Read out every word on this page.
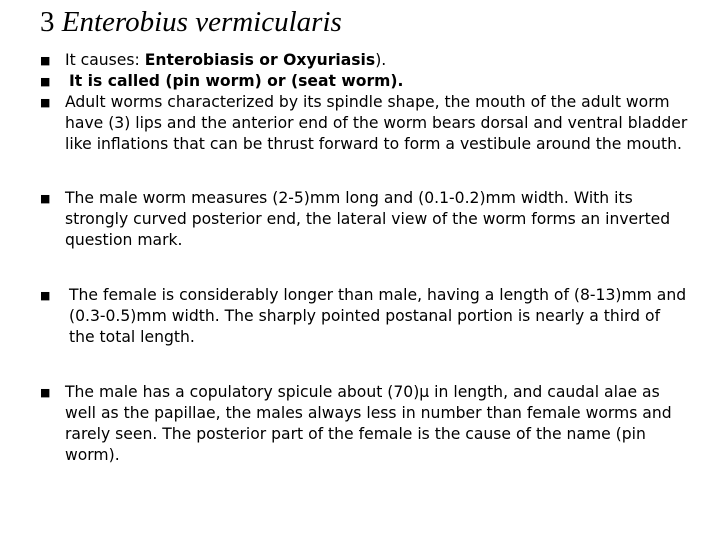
3 Enterobius vermicularis
■ It causes: Enterobiasis or Oxyuriasis).
■ It is called (pin worm) or (seat worm).
■ Adult worms characterized by its spindle shape, the mouth of the adult worm have (3) lips and the anterior end of the worm bears dorsal and ventral bladder like inflations that can be thrust forward to form a vestibule around the mouth.
■ The male worm measures (2-5)mm long and (0.1-0.2)mm width. With its strongly curved posterior end, the lateral view of the worm forms an inverted question mark.
■ The female is considerably longer than male, having a length of (8-13)mm and (0.3-0.5)mm width. The sharply pointed postanal portion is nearly a third of the total length.
■ The male has a copulatory spicule about (70)µ in length, and caudal alae as well as the papillae, the males always less in number than female worms and rarely seen. The posterior part of the female is the cause of the name (pin worm).
